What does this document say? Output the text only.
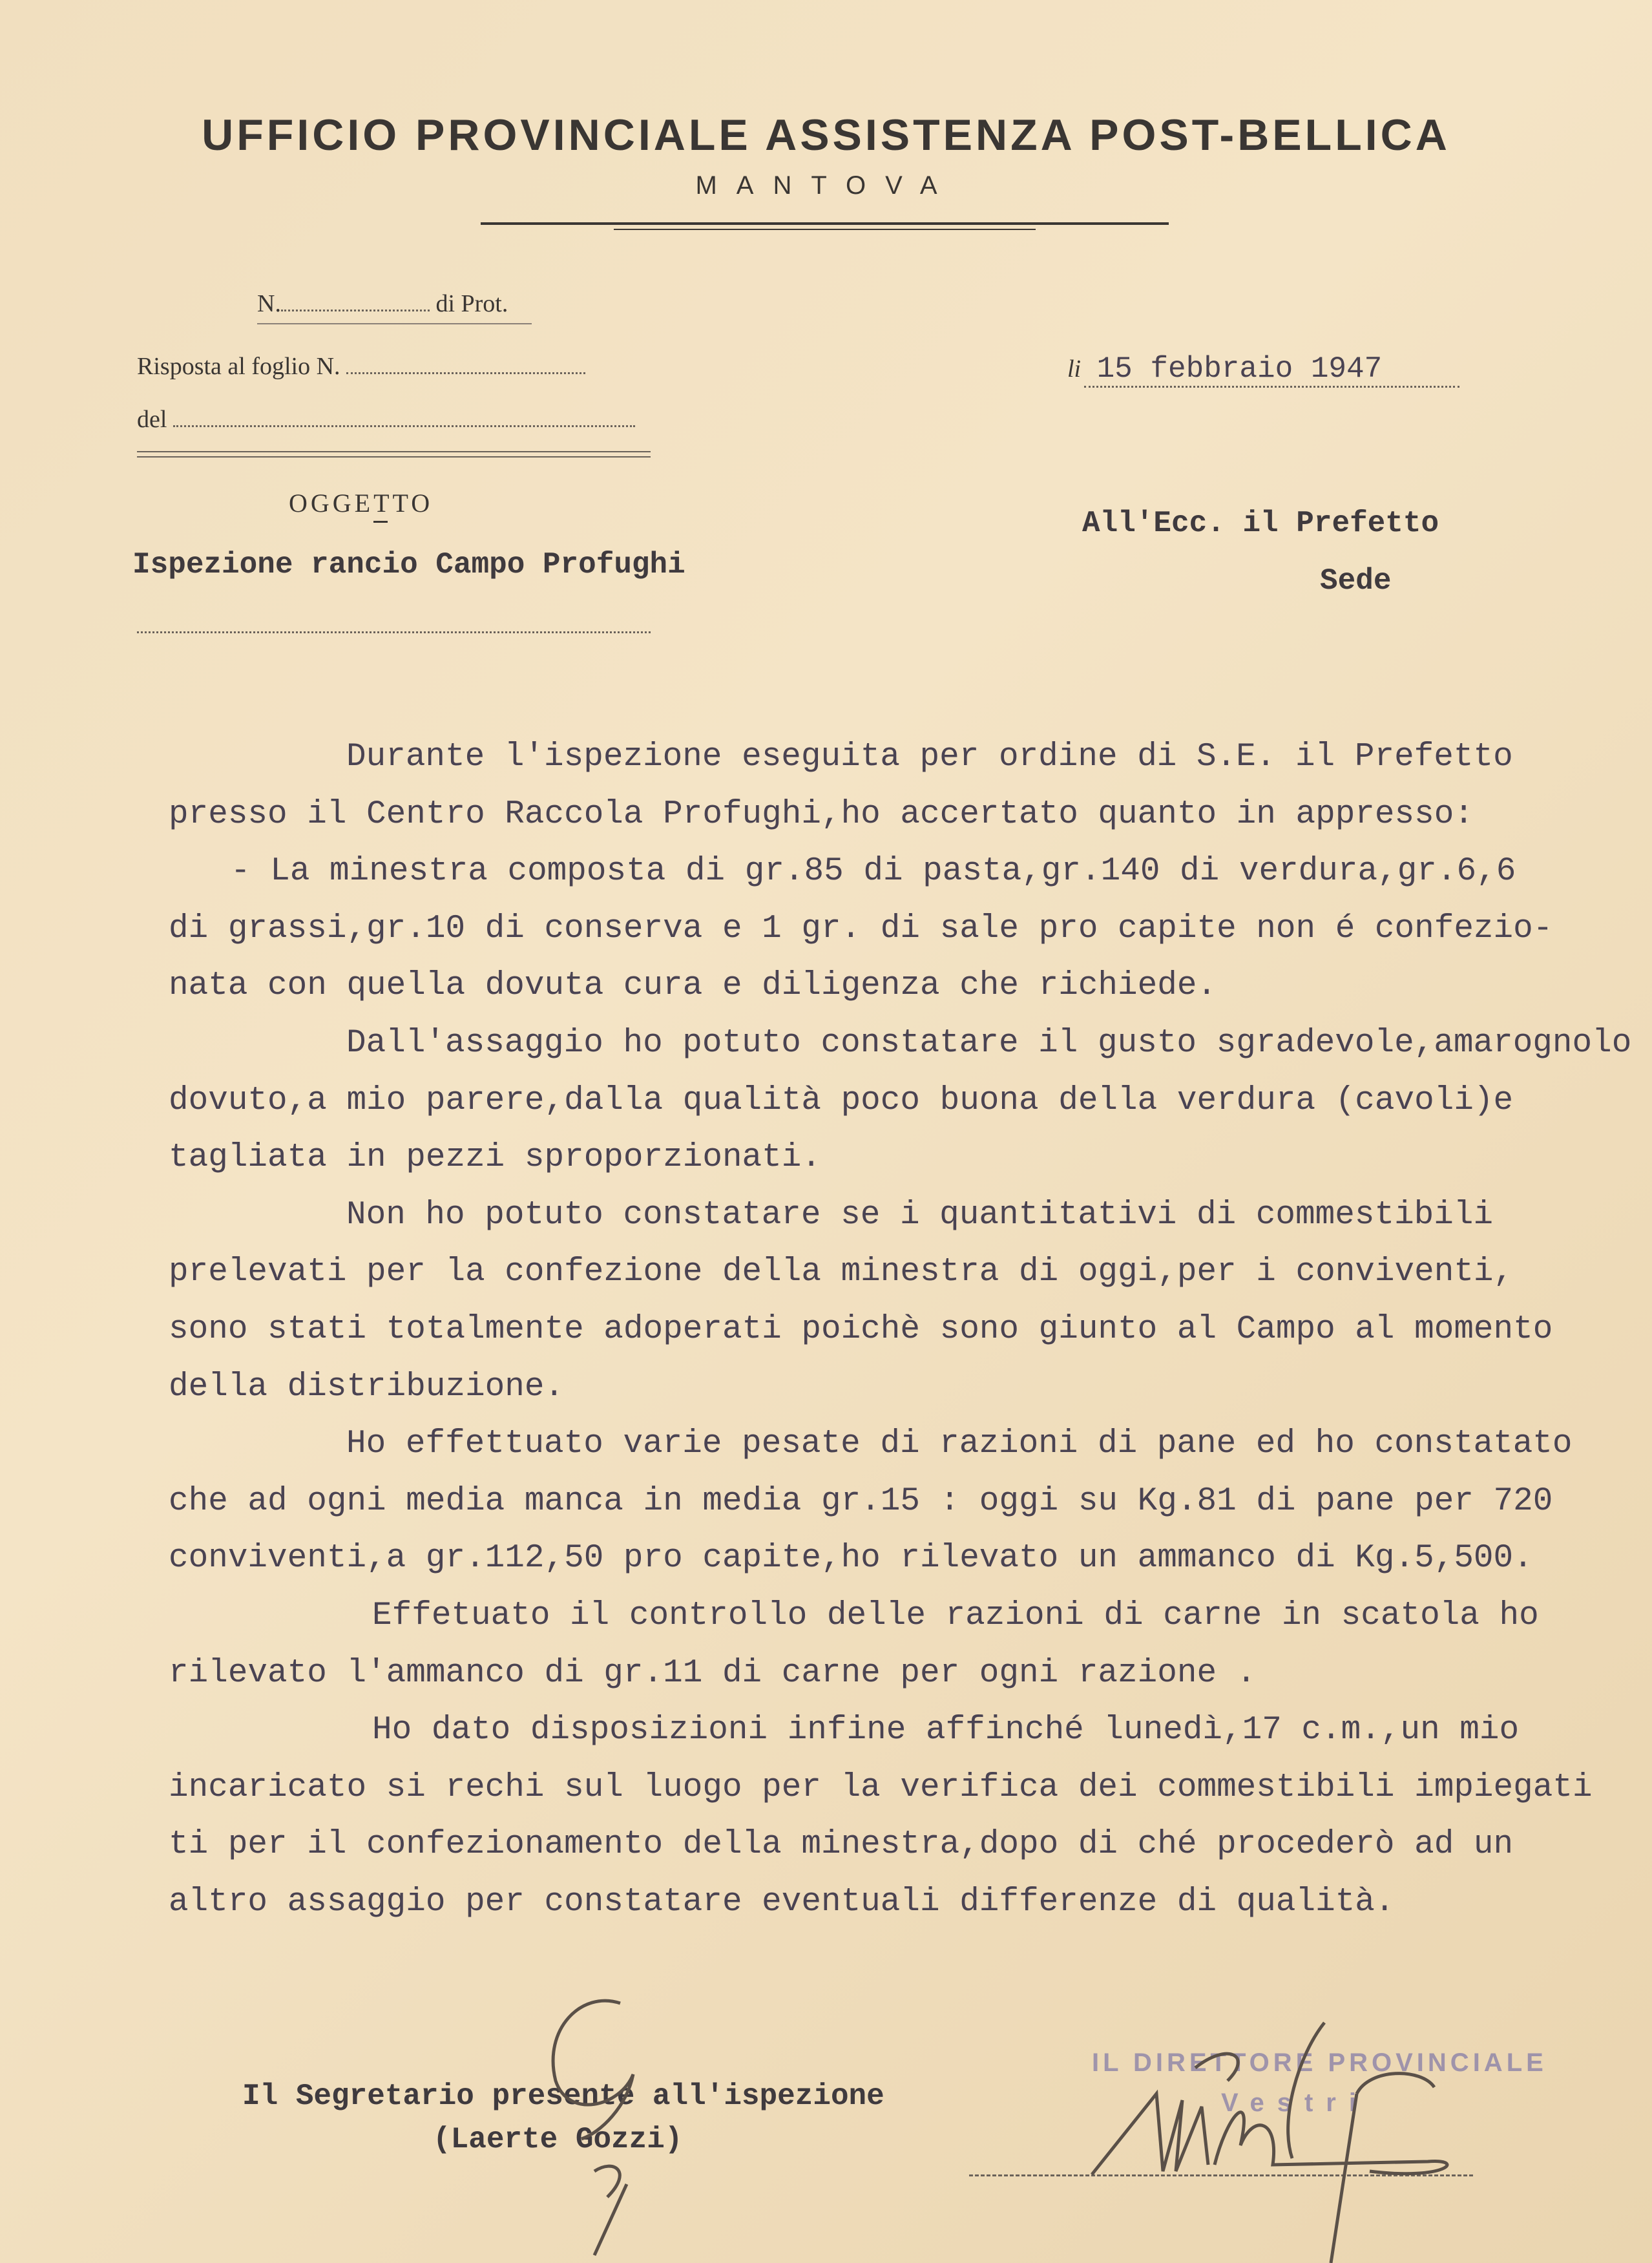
UFFICIO PROVINCIALE ASSISTENZA POST-BELLICA
MANTOVA
N.	di Prot.
Risposta al foglio N.
del
li 15 febbraio 1947
OGGETTO
Ispezione rancio Campo Profughi
All'Ecc. il Prefetto
Sede
Durante l'ispezione eseguita per ordine di S.E. il Prefetto
presso il Centro Raccola Profughi,ho accertato quanto in appresso:
- La minestra composta di gr.85 di pasta,gr.140 di verdura,gr.6,6
di grassi,gr.10 di conserva e 1 gr. di sale pro capite non é confezio-
nata con quella dovuta cura e diligenza che richiede.
Dall'assaggio ho potuto constatare il gusto sgradevole,amarognolo
dovuto,a mio parere,dalla qualità poco buona della verdura (cavoli)e
tagliata in pezzi sproporzionati.
Non ho potuto constatare se i quantitativi di commestibili
prelevati per la confezione della minestra di oggi,per i conviventi,
sono stati totalmente adoperati poichè sono giunto al Campo al momento
della distribuzione.
Ho effettuato varie pesate di razioni di pane ed ho constatato
che ad ogni media manca in media gr.15 : oggi su Kg.81 di pane per 720
conviventi,a gr.112,50 pro capite,ho rilevato un ammanco di Kg.5,500.
Effetuato il controllo delle razioni di carne in scatola ho
rilevato l'ammanco di gr.11 di carne per ogni razione .
Ho dato disposizioni infine affinché lunedì,17 c.m.,un mio
incaricato si rechi sul luogo per la verifica dei commestibili impiegati
ti per il confezionamento della minestra,dopo di ché procederò ad un
altro assaggio per constatare eventuali differenze di qualità.
Il Segretario presente all'ispezione
(Laerte Gozzi)
IL DIRETTORE PROVINCIALE
Vestri
